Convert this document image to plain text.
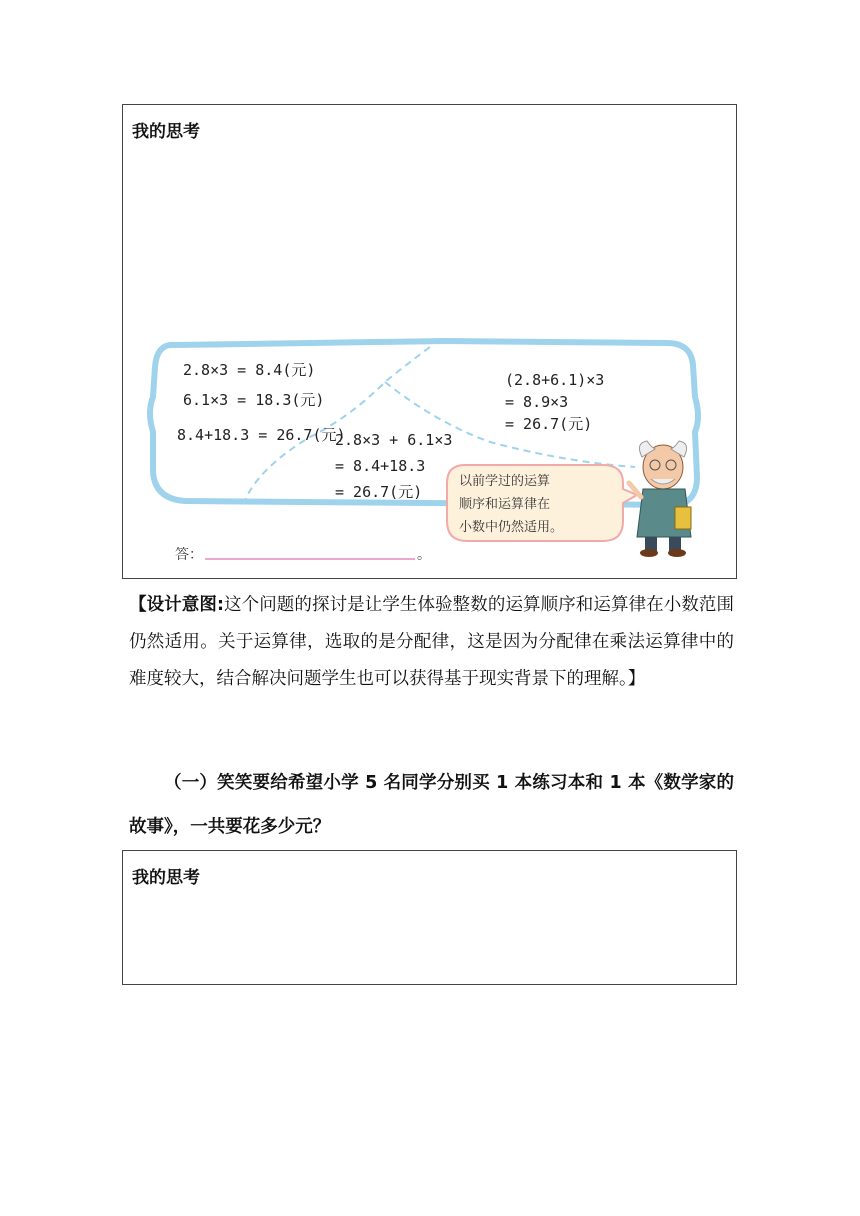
我的思考
2.8×3 = 8.4(元)
6.1×3 = 18.3(元)
8.4+18.3 = 26.7(元)
2.8×3 + 6.1×3
= 8.4+18.3
= 26.7(元)
(2.8+6.1)×3
= 8.9×3
= 26.7(元)
以前学过的运算
顺序和运算律在
小数中仍然适用。
答：	。
【设计意图:这个问题的探讨是让学生体验整数的运算顺序和运算律在小数范围仍然适用。关于运算律，选取的是分配律，这是因为分配律在乘法运算律中的难度较大，结合解决问题学生也可以获得基于现实背景下的理解。】
（一）笑笑要给希望小学 5 名同学分别买 1 本练习本和 1 本《数学家的故事》，一共要花多少元？
我的思考
